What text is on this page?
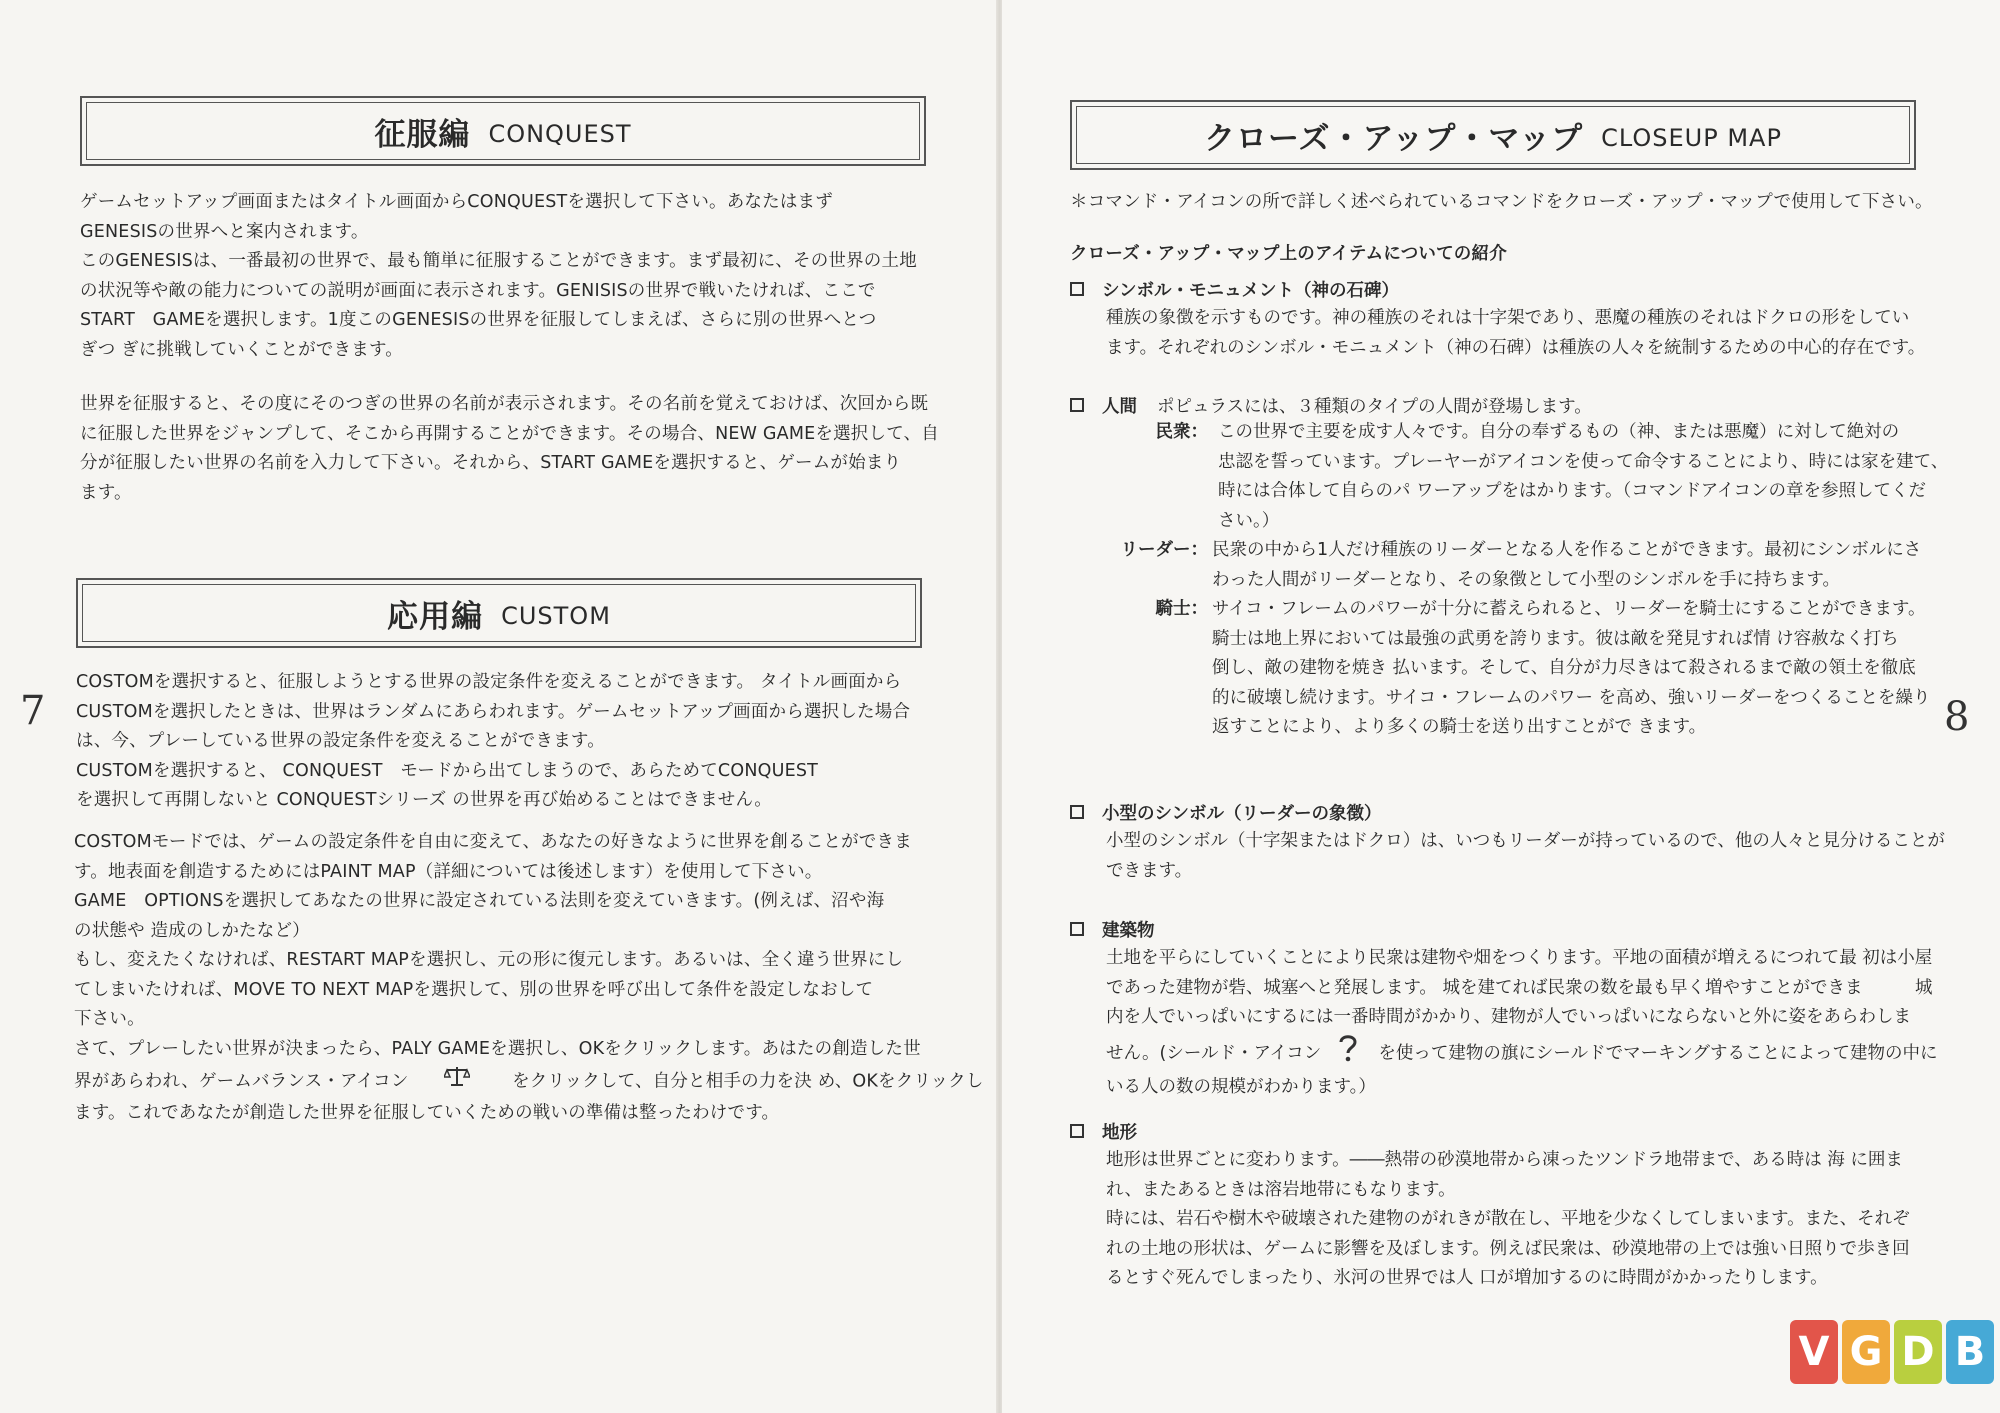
征服編 CONQUEST
ゲームセットアップ画面またはタイトル画面からCONQUESTを選択して下さい。あなたはまず
GENESISの世界へと案内されます。
このGENESISは、一番最初の世界で、最も簡単に征服することができます。まず最初に、その世界の土地
の状況等や敵の能力についての説明が画面に表示されます。GENISISの世界で戦いたければ、ここで
START　GAMEを選択します。1度このGENESISの世界を征服してしまえば、さらに別の世界へとつ
ぎつ ぎに挑戦していくことができます。
世界を征服すると、その度にそのつぎの世界の名前が表示されます。その名前を覚えておけば、次回から既
に征服した世界をジャンプして、そこから再開することができます。その場合、NEW GAMEを選択して、自
分が征服したい世界の名前を入力して下さい。それから、START GAMEを選択すると、ゲームが始まり
ます。
応用編 CUSTOM
COSTOMを選択すると、征服しようとする世界の設定条件を変えることができます。 タイトル画面から
CUSTOMを選択したときは、世界はランダムにあらわれます。ゲームセットアップ画面から選択した場合
は、今、プレーしている世界の設定条件を変えることができます。
CUSTOMを選択すると、 CONQUEST　モードから出てしまうので、あらためてCONQUEST
を選択して再開しないと CONQUESTシリーズ の世界を再び始めることはできません。
COSTOMモードでは、ゲームの設定条件を自由に変えて、あなたの好きなように世界を創ることができま
す。地表面を創造するためにはPAINT MAP（詳細については後述します）を使用して下さい。
GAME　OPTIONSを選択してあなたの世界に設定されている法則を変えていきます。(例えば、沼や海
の状態や 造成のしかたなど）
もし、変えたくなければ、RESTART MAPを選択し、元の形に復元します。あるいは、全く違う世界にし
てしまいたければ、MOVE TO NEXT MAPを選択して、別の世界を呼び出して条件を設定しなおして
下さい。
さて、プレーしたい世界が決まったら、PALY GAMEを選択し、OKをクリックします。あはたの創造した世
界があらわれ、ゲームバランス・アイコン	をクリックして、自分と相手の力を決 め、OKをクリックし
ます。これであなたが創造した世界を征服していくための戦いの準備は整ったわけです。
7
クローズ・アップ・マップ CLOSEUP MAP
＊コマンド・アイコンの所で詳しく述べられているコマンドをクローズ・アップ・マップで使用して下さい。
クローズ・アップ・マップ上のアイテムについての紹介
シンボル・モニュメント（神の石碑）
種族の象徴を示すものです。神の種族のそれは十字架であり、悪魔の種族のそれはドクロの形をしてい
ます。それぞれのシンボル・モニュメント（神の石碑）は種族の人々を統制するための中心的存在です。
人間 ポピュラスには、３種類のタイプの人間が登場します。
民衆： この世界で主要を成す人々です。自分の奉ずるもの（神、または悪魔）に対して絶対の
忠認を誓っています。プレーヤーがアイコンを使って命令することにより、時には家を建て、
時には合体して自らのパ ワーアップをはかります。（コマンドアイコンの章を参照してくだ
さい。）
リーダー： 民衆の中から1人だけ種族のリーダーとなる人を作ることができます。最初にシンボルにさ
わった人間がリーダーとなり、その象徴として小型のシンボルを手に持ちます。
騎士： サイコ・フレームのパワーが十分に蓄えられると、リーダーを騎士にすることができます。
騎士は地上界においては最強の武勇を誇ります。彼は敵を発見すれば情 け容赦なく打ち
倒し、敵の建物を焼き 払います。そして、自分が力尽きはて殺されるまで敵の領土を徹底
的に破壊し続けます。サイコ・フレームのパワー を高め、強いリーダーをつくることを繰り
返すことにより、より多くの騎士を送り出すことがで きます。	8
小型のシンボル（リーダーの象徴）
小型のシンボル（十字架またはドクロ）は、いつもリーダーが持っているので、他の人々と見分けることが
できます。
建築物
土地を平らにしていくことにより民衆は建物や畑をつくります。平地の面積が増えるにつれて最 初は小屋
であった建物が砦、城塞へと発展します。 城を建てれば民衆の数を最も早く増やすことができま　　　城
内を人でいっぱいにするには一番時間がかかり、建物が人でいっぱいにならないと外に姿をあらわしま
せん。(シールド・アイコン	を使って建物の旗にシールドでマーキングすることによって建物の中に
いる人の数の規模がわかります。）
地形
地形は世界ごとに変わります。――熱帯の砂漠地帯から凍ったツンドラ地帯まで、ある時は 海 に囲ま
れ、またあるときは溶岩地帯にもなります。
時には、岩石や樹木や破壊された建物のがれきが散在し、平地を少なくしてしまいます。また、それぞ
れの土地の形状は、ゲームに影響を及ぼします。例えば民衆は、砂漠地帯の上では強い日照りで歩き回
るとすぐ死んでしまったり、氷河の世界では人 口が増加するのに時間がかかったりします。
V G D B
